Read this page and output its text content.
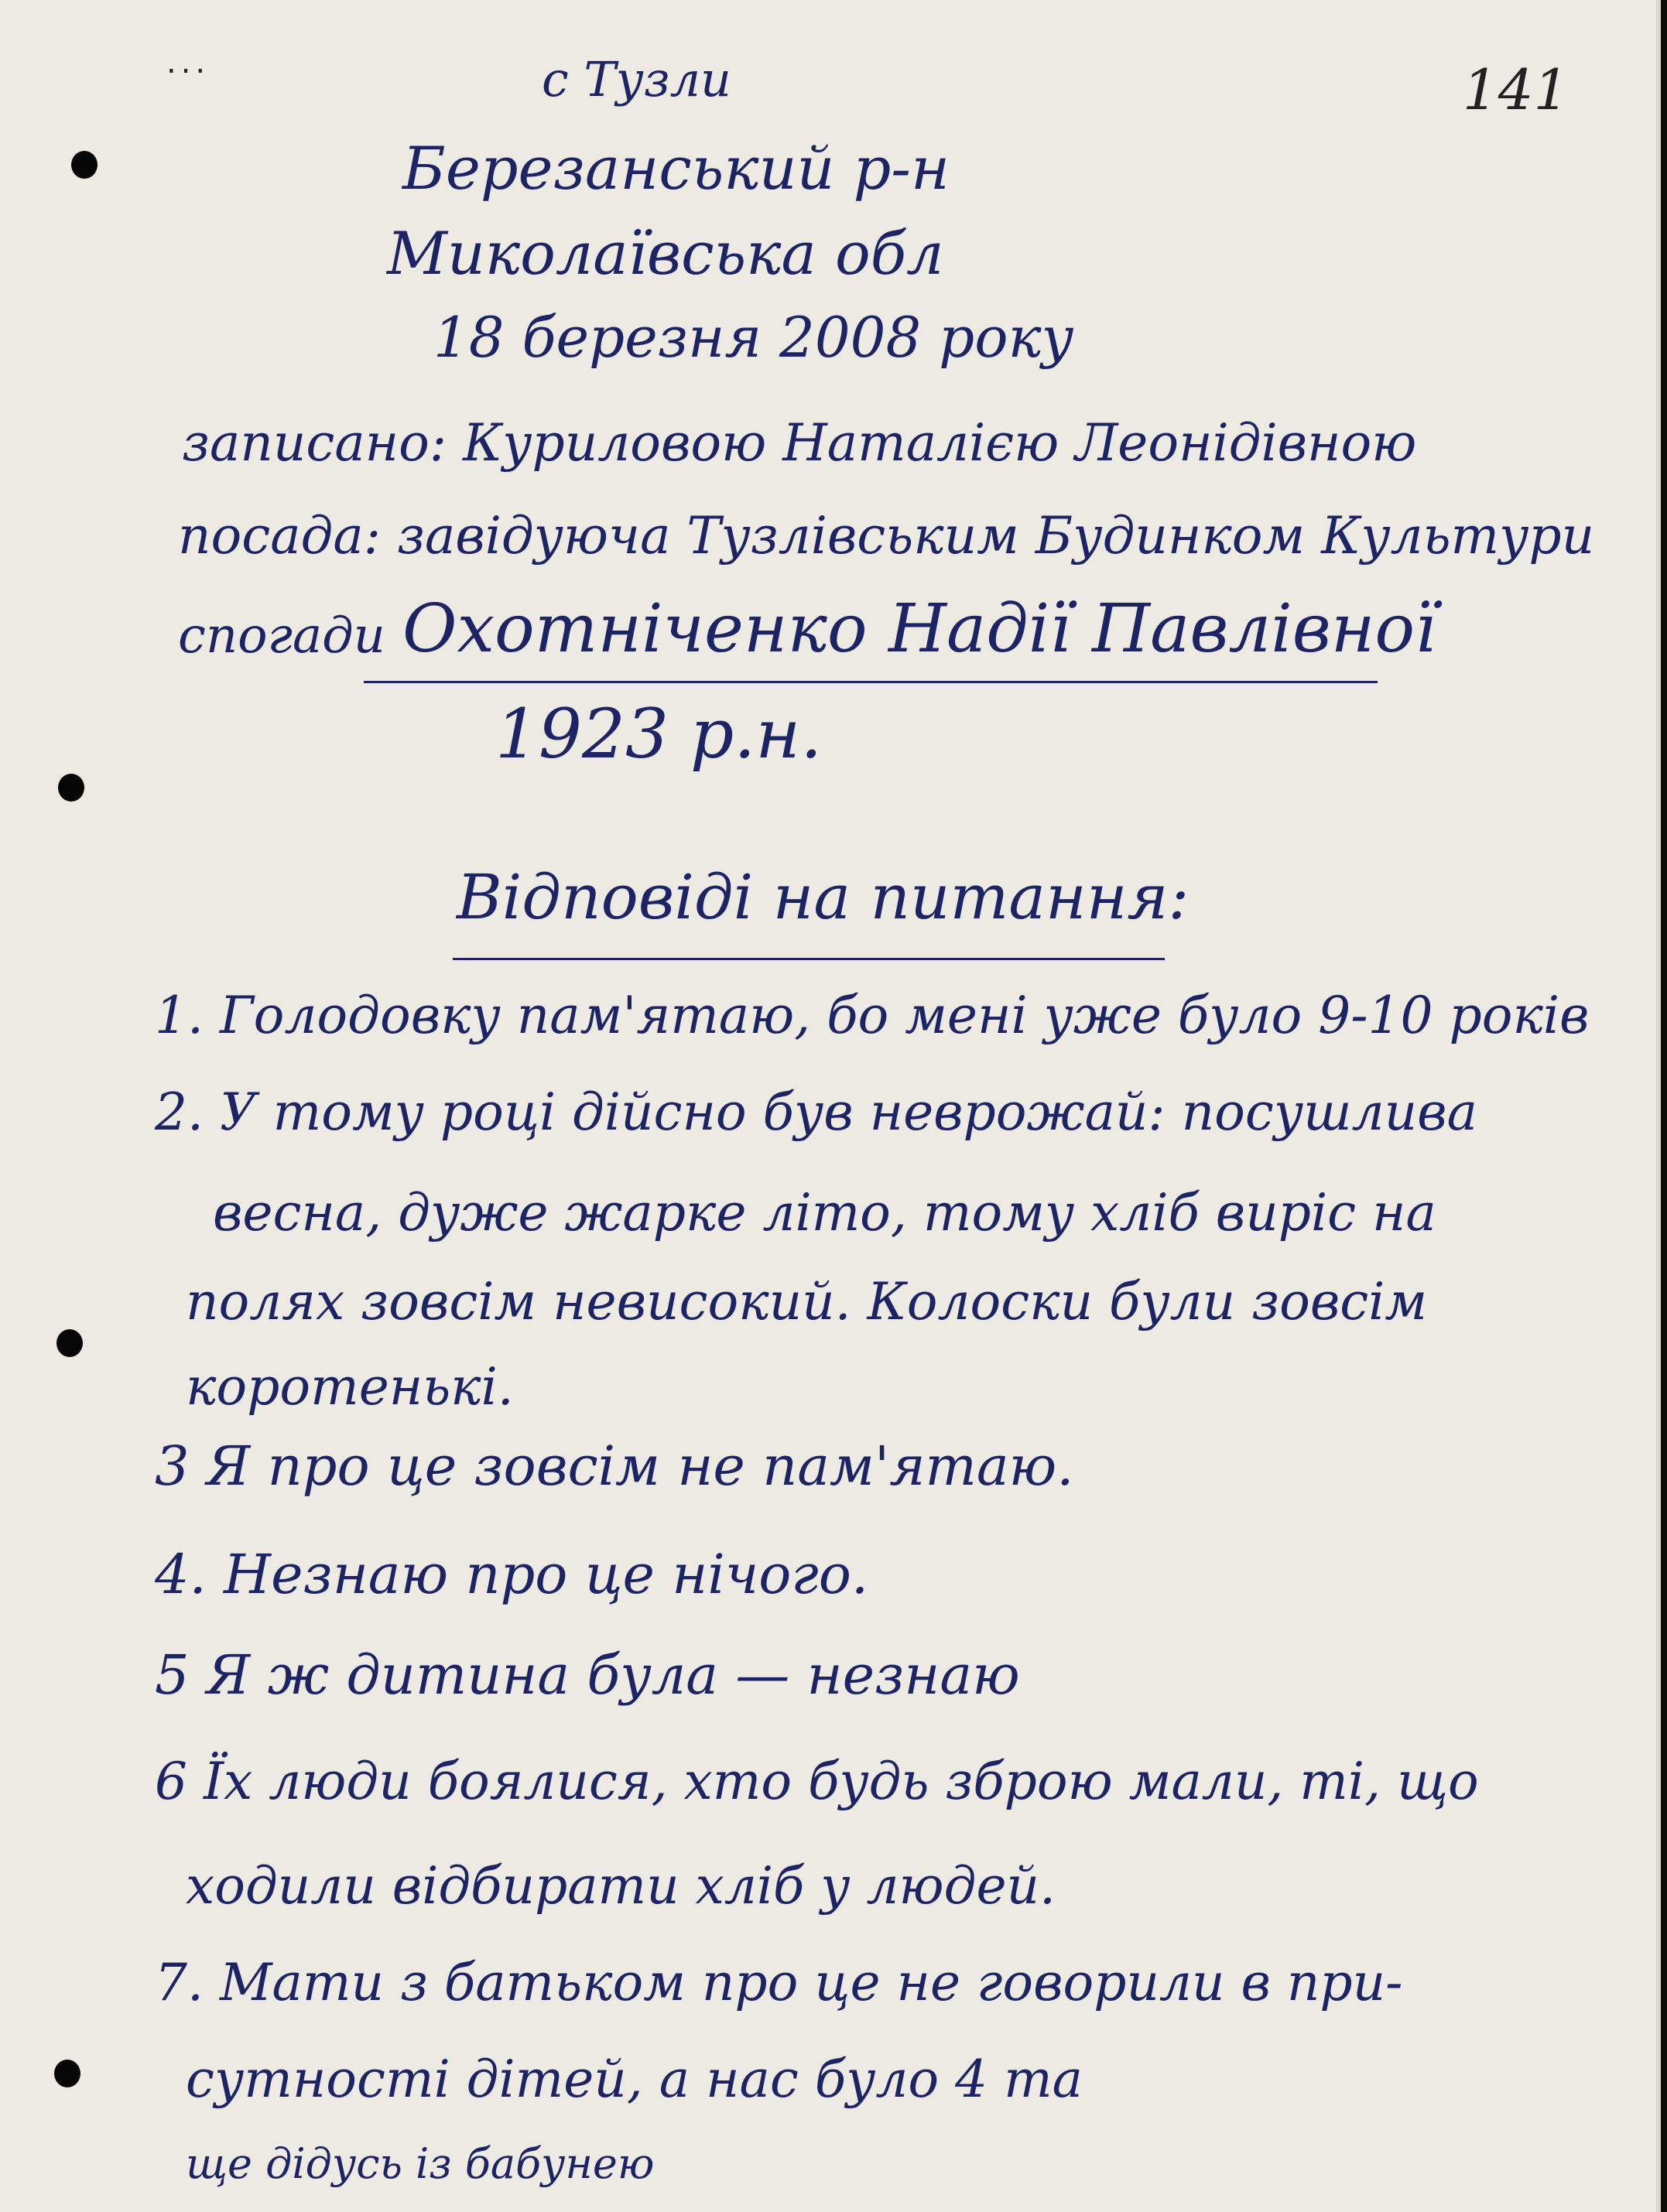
...	141
с Тузли
Березанський р-н
Миколаївська обл
18 березня 2008 року
записано: Куриловою Наталією Леонідівною
посада: завідуюча Тузлівським Будинком Культури
спогади Охотніченко Надії Павлівної
1923 р.н.
Відповіді на питання:
1. Голодовку пам'ятаю, бо мені уже було 9-10 років
2. У тому році дійсно був неврожай: посушлива
весна, дуже жарке літо, тому хліб виріс на
полях зовсім невисокий. Колоски були зовсім
коротенькі.
3 Я про це зовсім не пам'ятаю.
4. Незнаю про це нічого.
5 Я ж дитина була — незнаю
6 Їх люди боялися, хто будь зброю мали, ті, що
ходили відбирати хліб у людей.
7. Мати з батьком про це не говорили в при-
сутності дітей, а нас було 4 та
ще дідусь із бабунею
